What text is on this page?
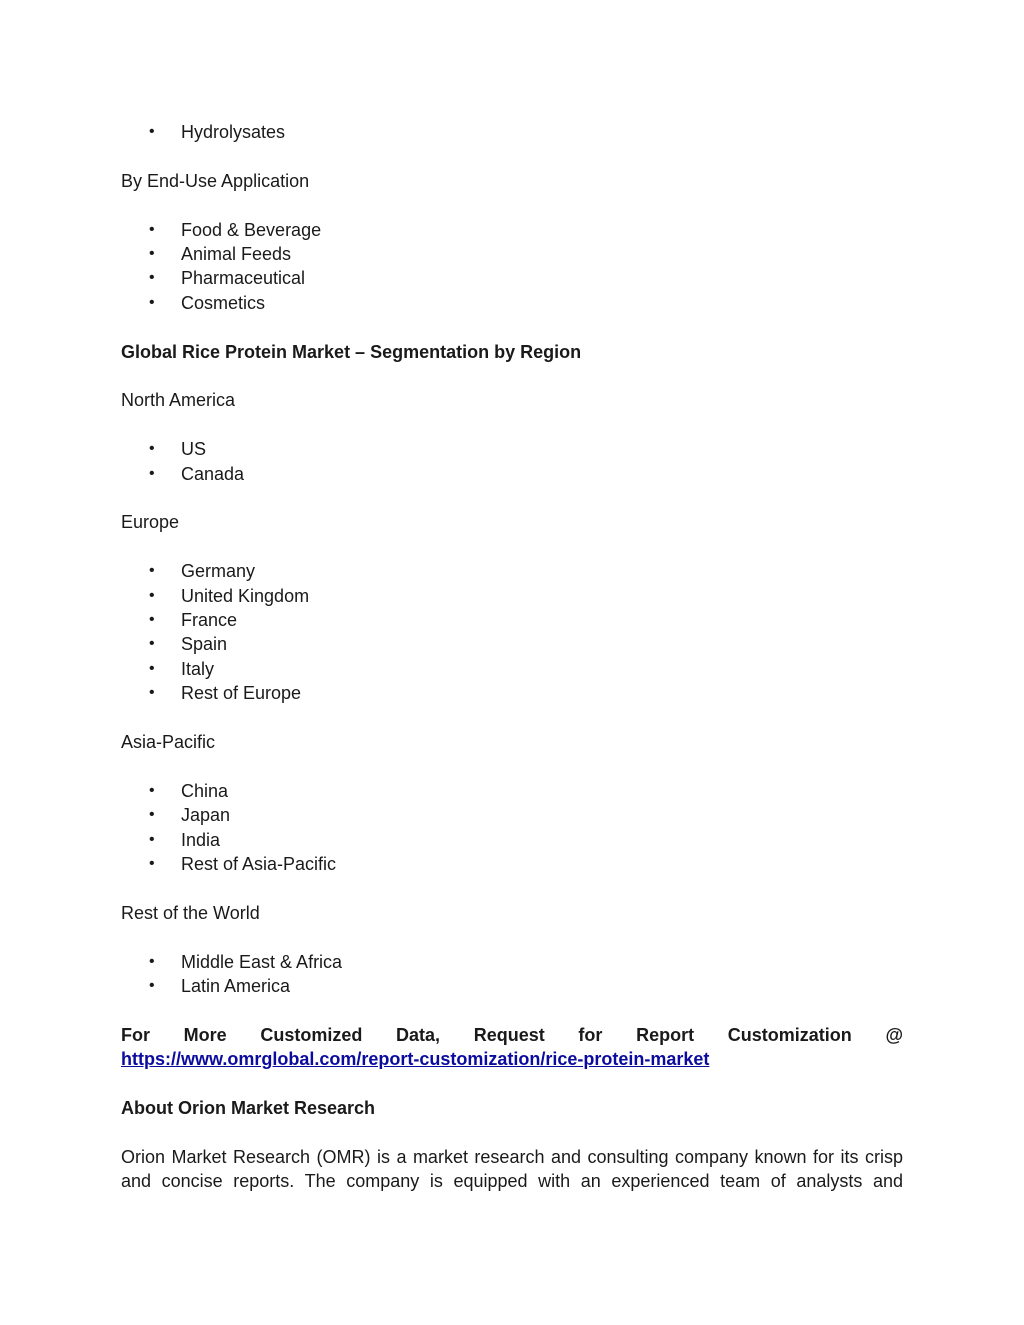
• Hydrolysates

By End-Use Application

• Food & Beverage
• Animal Feeds
• Pharmaceutical
• Cosmetics

Global Rice Protein Market – Segmentation by Region

North America

• US
• Canada

Europe

• Germany
• United Kingdom
• France
• Spain
• Italy
• Rest of Europe

Asia-Pacific

• China
• Japan
• India
• Rest of Asia-Pacific

Rest of the World

• Middle East & Africa
• Latin America
For More Customized Data, Request for Report Customization @

https://www.omrglobal.com/report-customization/rice-protein-market

About Orion Market Research

Orion Market Research (OMR) is a market research and consulting company known for its crisp

and concise reports. The company is equipped with an experienced team of analysts and
